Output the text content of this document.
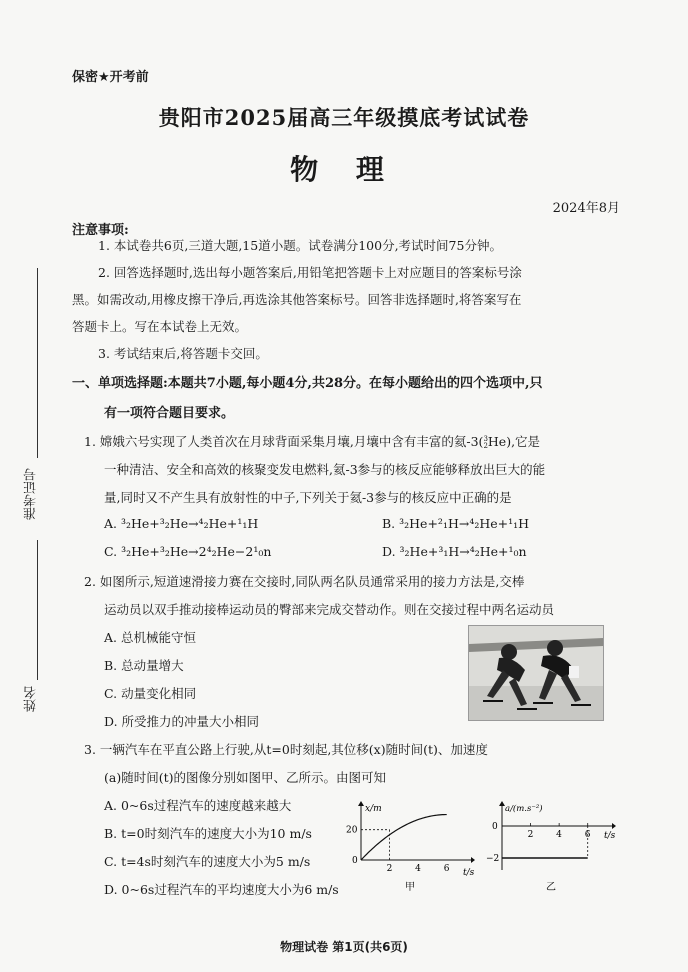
准考证号
姓名
保密★开考前
贵阳市2025届高三年级摸底考试试卷
物 理
2024年8月
注意事项:
1. 本试卷共6页,三道大题,15道小题。试卷满分100分,考试时间75分钟。
2. 回答选择题时,选出每小题答案后,用铅笔把答题卡上对应题目的答案标号涂
黑。如需改动,用橡皮擦干净后,再选涂其他答案标号。回答非选择题时,将答案写在
答题卡上。写在本试卷上无效。
3. 考试结束后,将答题卡交回。
一、单项选择题:本题共7小题,每小题4分,共28分。在每小题给出的四个选项中,只
有一项符合题目要求。
1. 嫦娥六号实现了人类首次在月球背面采集月壤,月壤中含有丰富的氦-3(3
2He),它是
一种清洁、安全和高效的核聚变发电燃料,氦-3参与的核反应能够释放出巨大的能
量,同时又不产生具有放射性的中子,下列关于氦-3参与的核反应中正确的是
A. ³₂He+³₂He→⁴₂He+¹₁H	B. ³₂He+²₁H→⁴₂He+¹₁H
C. ³₂He+³₂He→2⁴₂He−2¹₀n	D. ³₂He+³₁H→⁴₂He+¹₀n
2. 如图所示,短道速滑接力赛在交接时,同队两名队员通常采用的接力方法是,交棒
运动员以双手推动接棒运动员的臀部来完成交替动作。则在交接过程中两名运动员
A. 总机械能守恒
B. 总动量增大
C. 动量变化相同
D. 所受推力的冲量大小相同
3. 一辆汽车在平直公路上行驶,从t=0时刻起,其位移(x)随时间(t)、加速度
(a)随时间(t)的图像分别如图甲、乙所示。由图可知
A. 0~6s过程汽车的速度越来越大
B. t=0时刻汽车的速度大小为10 m/s
C. t=4s时刻汽车的速度大小为5 m/s
D. 0~6s过程汽车的平均速度大小为6 m/s
x/m
t/s
0
2	4	6
20
甲
a/(m.s⁻²)
t/s
2	4	6
0
−2
乙
物理试卷 第1页(共6页)
